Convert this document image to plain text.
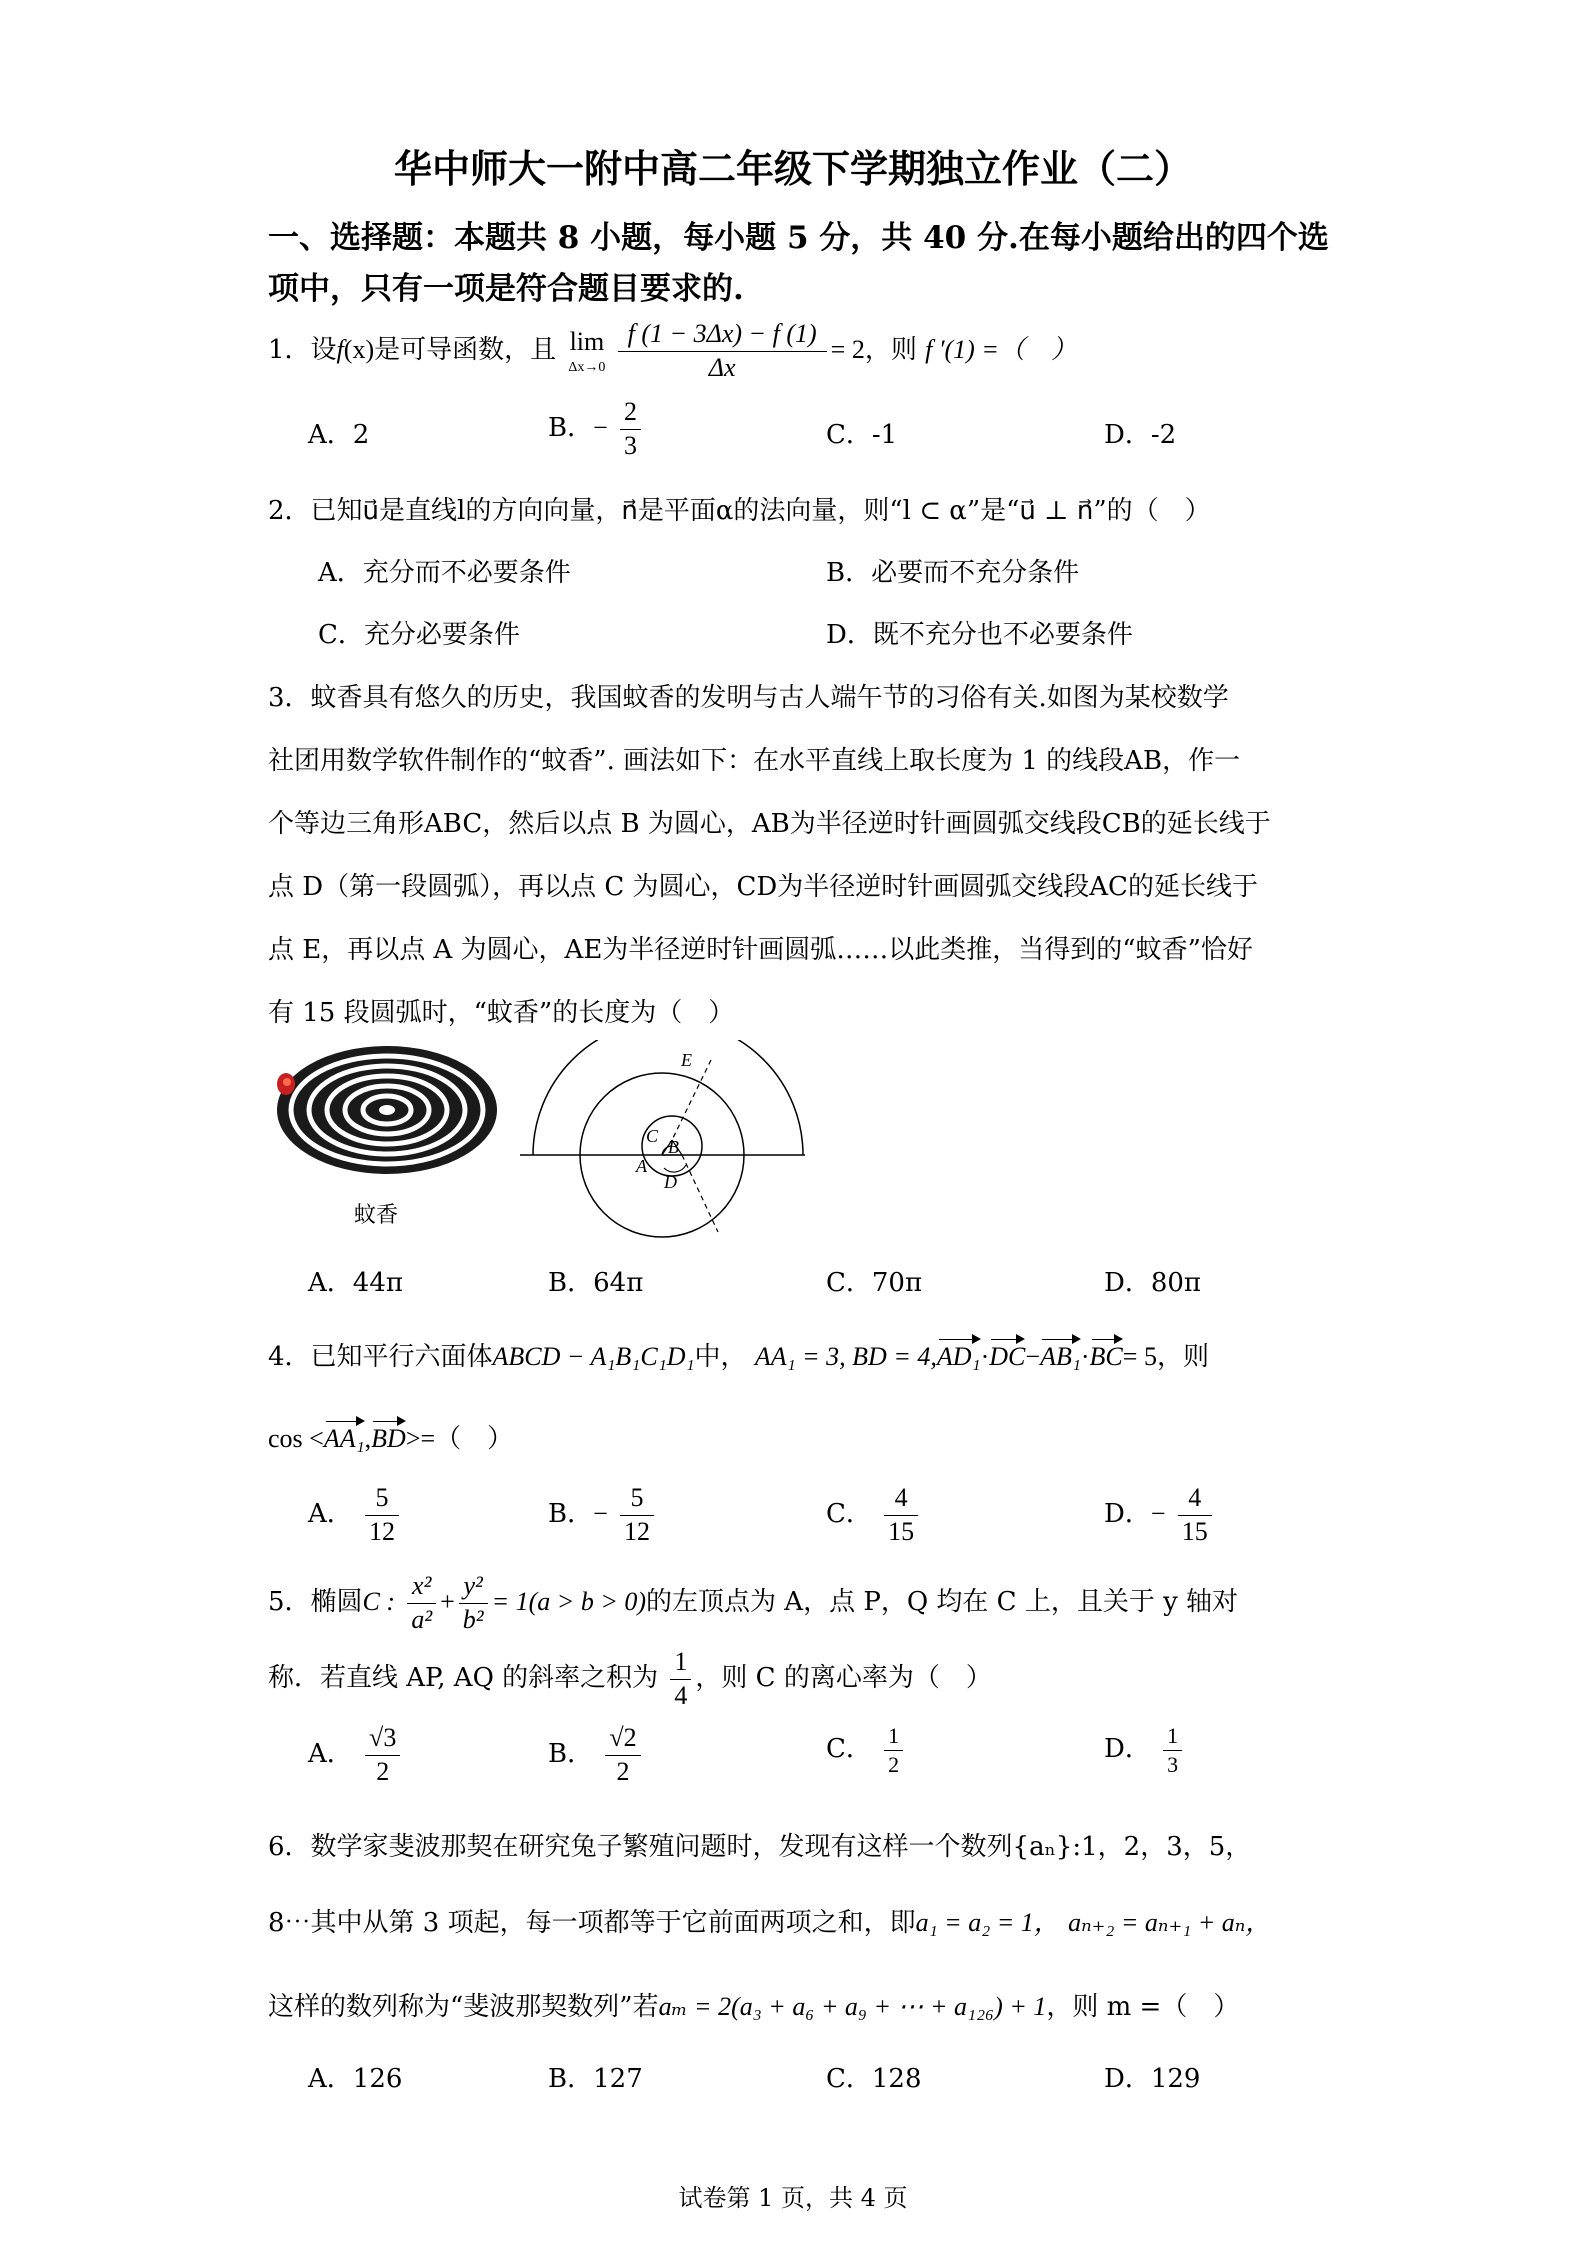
华中师大一附中高二年级下学期独立作业（二）
一、选择题：本题共 8 小题，每小题 5 分，共 40 分.在每小题给出的四个选
项中，只有一项是符合题目要求的.
1．设f(x)是可导函数，且 lim
Δx→0
$\frac{f (1 - 3\Delta x) - f (1)}{\Delta x} = 2$，则 f ′(1) =（　）
A．2	B．− $\frac{2}{3}$	C．-1	D．-2
2．已知u⃗是直线l的方向向量，n⃗是平面α的法向量，则“l ⊂ α”是“u⃗ ⊥ n⃗”的（　）
A．充分而不必要条件	B．必要而不充分条件
C．充分必要条件	D．既不充分也不必要条件
3．蚊香具有悠久的历史，我国蚊香的发明与古人端午节的习俗有关.如图为某校数学
社团用数学软件制作的“蚊香”. 画法如下：在水平直线上取长度为 1 的线段AB，作一
个等边三角形ABC，然后以点 B 为圆心，AB为半径逆时针画圆弧交线段CB的延长线于
点 D（第一段圆弧），再以点 C 为圆心，CD为半径逆时针画圆弧交线段AC的延长线于
点 E，再以点 A 为圆心，AE为半径逆时针画圆弧……以此类推，当得到的“蚊香”恰好
有 15 段圆弧时，“蚊香”的长度为（　）
蚊香
E
C
B
A
D
A．44π	B．64π	C．70π	D．80π
4．已知平行六面体ABCD − A₁B₁C₁D₁中， AA₁ = 3, BD = 4,AD₁·DC−AB₁·BC= 5，则
cos <AA₁,BD>=（　）
A． $\frac{5}{12}$	B．− $\frac{5}{12}$	C． $\frac{4}{15}$	D．− $\frac{4}{15}$
5．椭圆C : $\frac{\text{x²}}{\text{a²}} + \frac{\text{y²}}{\text{b²}} = 1(a > b > 0)$的左顶点为 A，点 P，Q 均在 C 上，且关于 y 轴对
称．若直线 AP, AQ 的斜率之积为 $\frac{1}{4}$ ，则 C 的离心率为（　）
A． $\frac{√3}{2}$	B． $\frac{√2}{2}$	C． $\frac{1}{2}$	D． $\frac{1}{3}$
6．数学家斐波那契在研究兔子繁殖问题时，发现有这样一个数列{aₙ}:1，2，3，5，
8⋯其中从第 3 项起，每一项都等于它前面两项之和，即a₁ = a₂ = 1， aₙ₊₂ = aₙ₊₁ + aₙ，
这样的数列称为“斐波那契数列”若aₘ = 2(a₃ + a₆ + a₉ + ⋯ + a₁₂₆) + 1，则 m =（　）
A．126	B．127	C．128	D．129
试卷第 1 页，共 4 页
